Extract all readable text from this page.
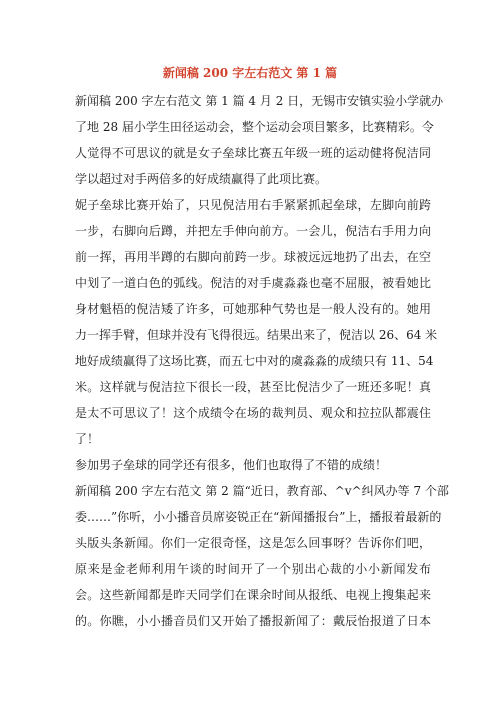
新闻稿 200 字左右范文 第 1 篇
新闻稿 200 字左右范文 第 1 篇 4 月 2 日，无锡市安镇实验小学就办
了地 28 届小学生田径运动会，整个运动会项目繁多，比赛精彩。令
人觉得不可思议的就是女子垒球比赛五年级一班的运动健将倪洁同
学以超过对手两倍多的好成绩赢得了此项比赛。
妮子垒球比赛开始了，只见倪洁用右手紧紧抓起垒球，左脚向前跨
一步，右脚向后蹲，并把左手伸向前方。一会儿，倪洁右手用力向
前一挥，再用半蹲的右脚向前跨一步。球被远远地扔了出去，在空
中划了一道白色的弧线。倪洁的对手虞淼淼也毫不屈服，被看她比
身材魁梧的倪洁矮了许多，可她那种气势也是一般人没有的。她用
力一挥手臂，但球并没有飞得很远。结果出来了，倪洁以 26、64 米
地好成绩赢得了这场比赛，而五七中对的虞淼淼的成绩只有 11、54
米。这样就与倪洁拉下很长一段，甚至比倪洁少了一班还多呢！真
是太不可思议了！这个成绩令在场的裁判员、观众和拉拉队都震住
了！
参加男子垒球的同学还有很多，他们也取得了不错的成绩！
新闻稿 200 字左右范文 第 2 篇“近日，教育部、^v^纠风办等 7 个部
委……”你听，小小播音员席姿锐正在“新闻播报台”上，播报着最新的
头版头条新闻。你们一定很奇怪，这是怎么回事呀？告诉你们吧，
原来是金老师利用午谈的时间开了一个别出心裁的小小新闻发布
会。这些新闻都是昨天同学们在课余时间从报纸、电视上搜集起来
的。你瞧，小小播音员们又开始了播报新闻了：戴辰怡报道了日本
